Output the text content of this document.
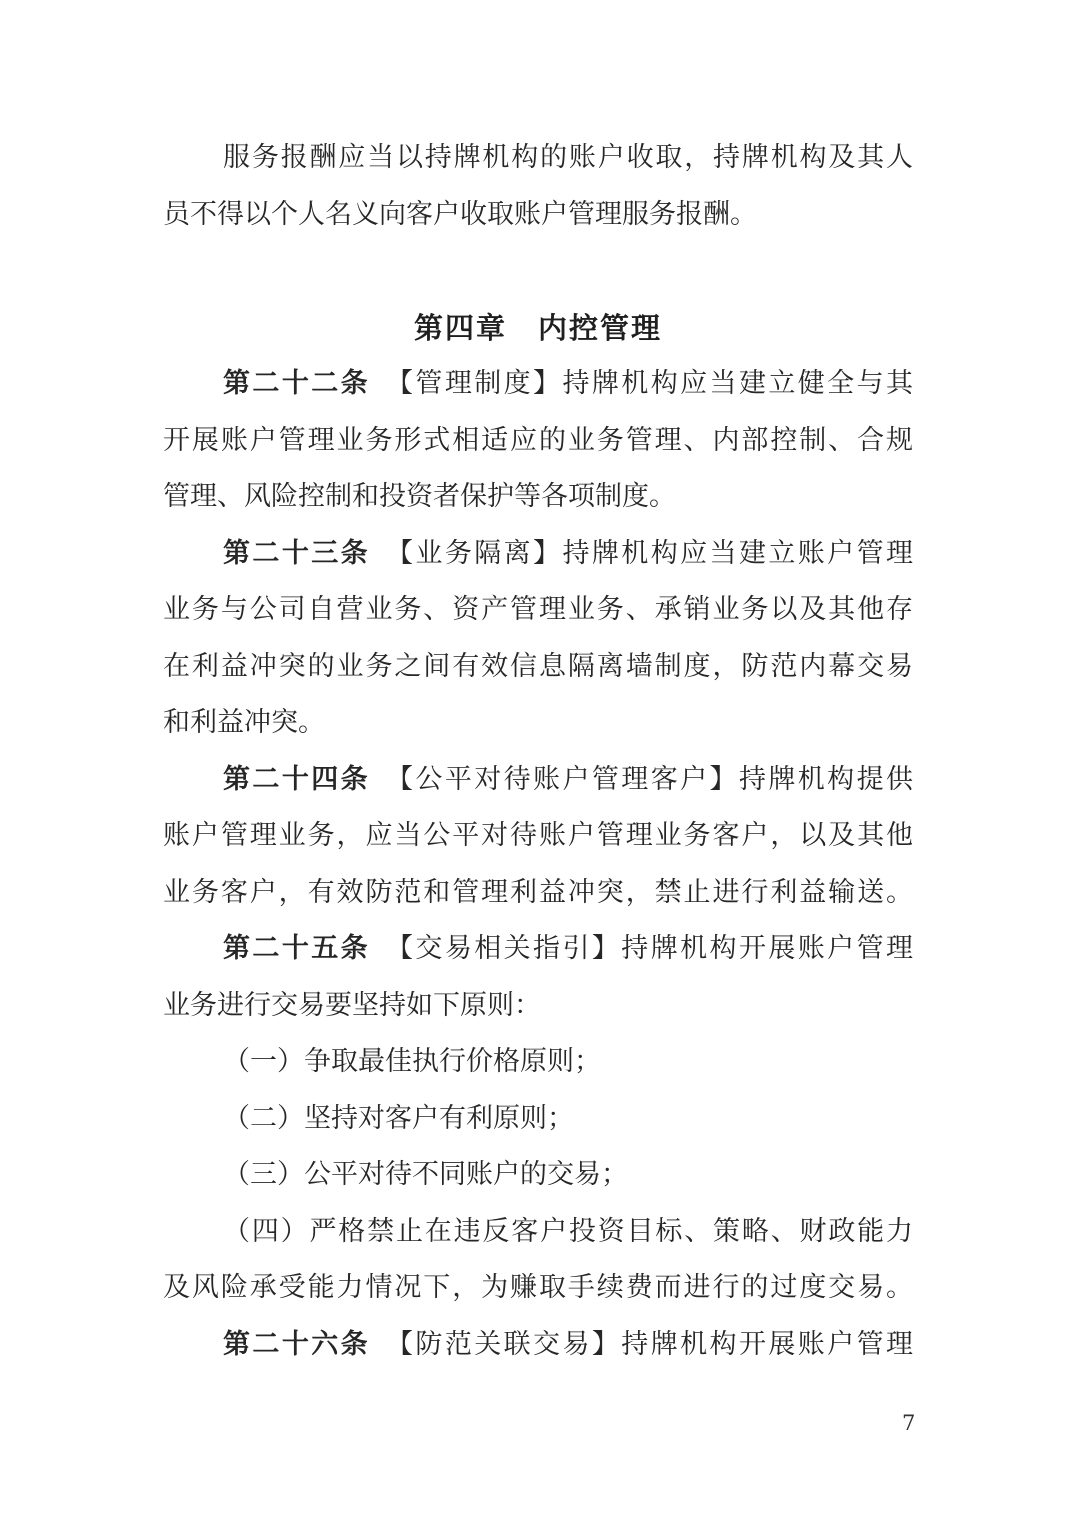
服务报酬应当以持牌机构的账户收取，持牌机构及其人
员不得以个人名义向客户收取账户管理服务报酬。
第四章　内控管理
第二十二条　【管理制度】持牌机构应当建立健全与其
开展账户管理业务形式相适应的业务管理、内部控制、合规
管理、风险控制和投资者保护等各项制度。
第二十三条　【业务隔离】持牌机构应当建立账户管理
业务与公司自营业务、资产管理业务、承销业务以及其他存
在利益冲突的业务之间有效信息隔离墙制度，防范内幕交易
和利益冲突。
第二十四条　【公平对待账户管理客户】持牌机构提供
账户管理业务，应当公平对待账户管理业务客户，以及其他
业务客户，有效防范和管理利益冲突，禁止进行利益输送。
第二十五条　【交易相关指引】持牌机构开展账户管理
业务进行交易要坚持如下原则：
（一）争取最佳执行价格原则；
（二）坚持对客户有利原则；
（三）公平对待不同账户的交易；
（四）严格禁止在违反客户投资目标、策略、财政能力
及风险承受能力情况下，为赚取手续费而进行的过度交易。
第二十六条　【防范关联交易】持牌机构开展账户管理
7
